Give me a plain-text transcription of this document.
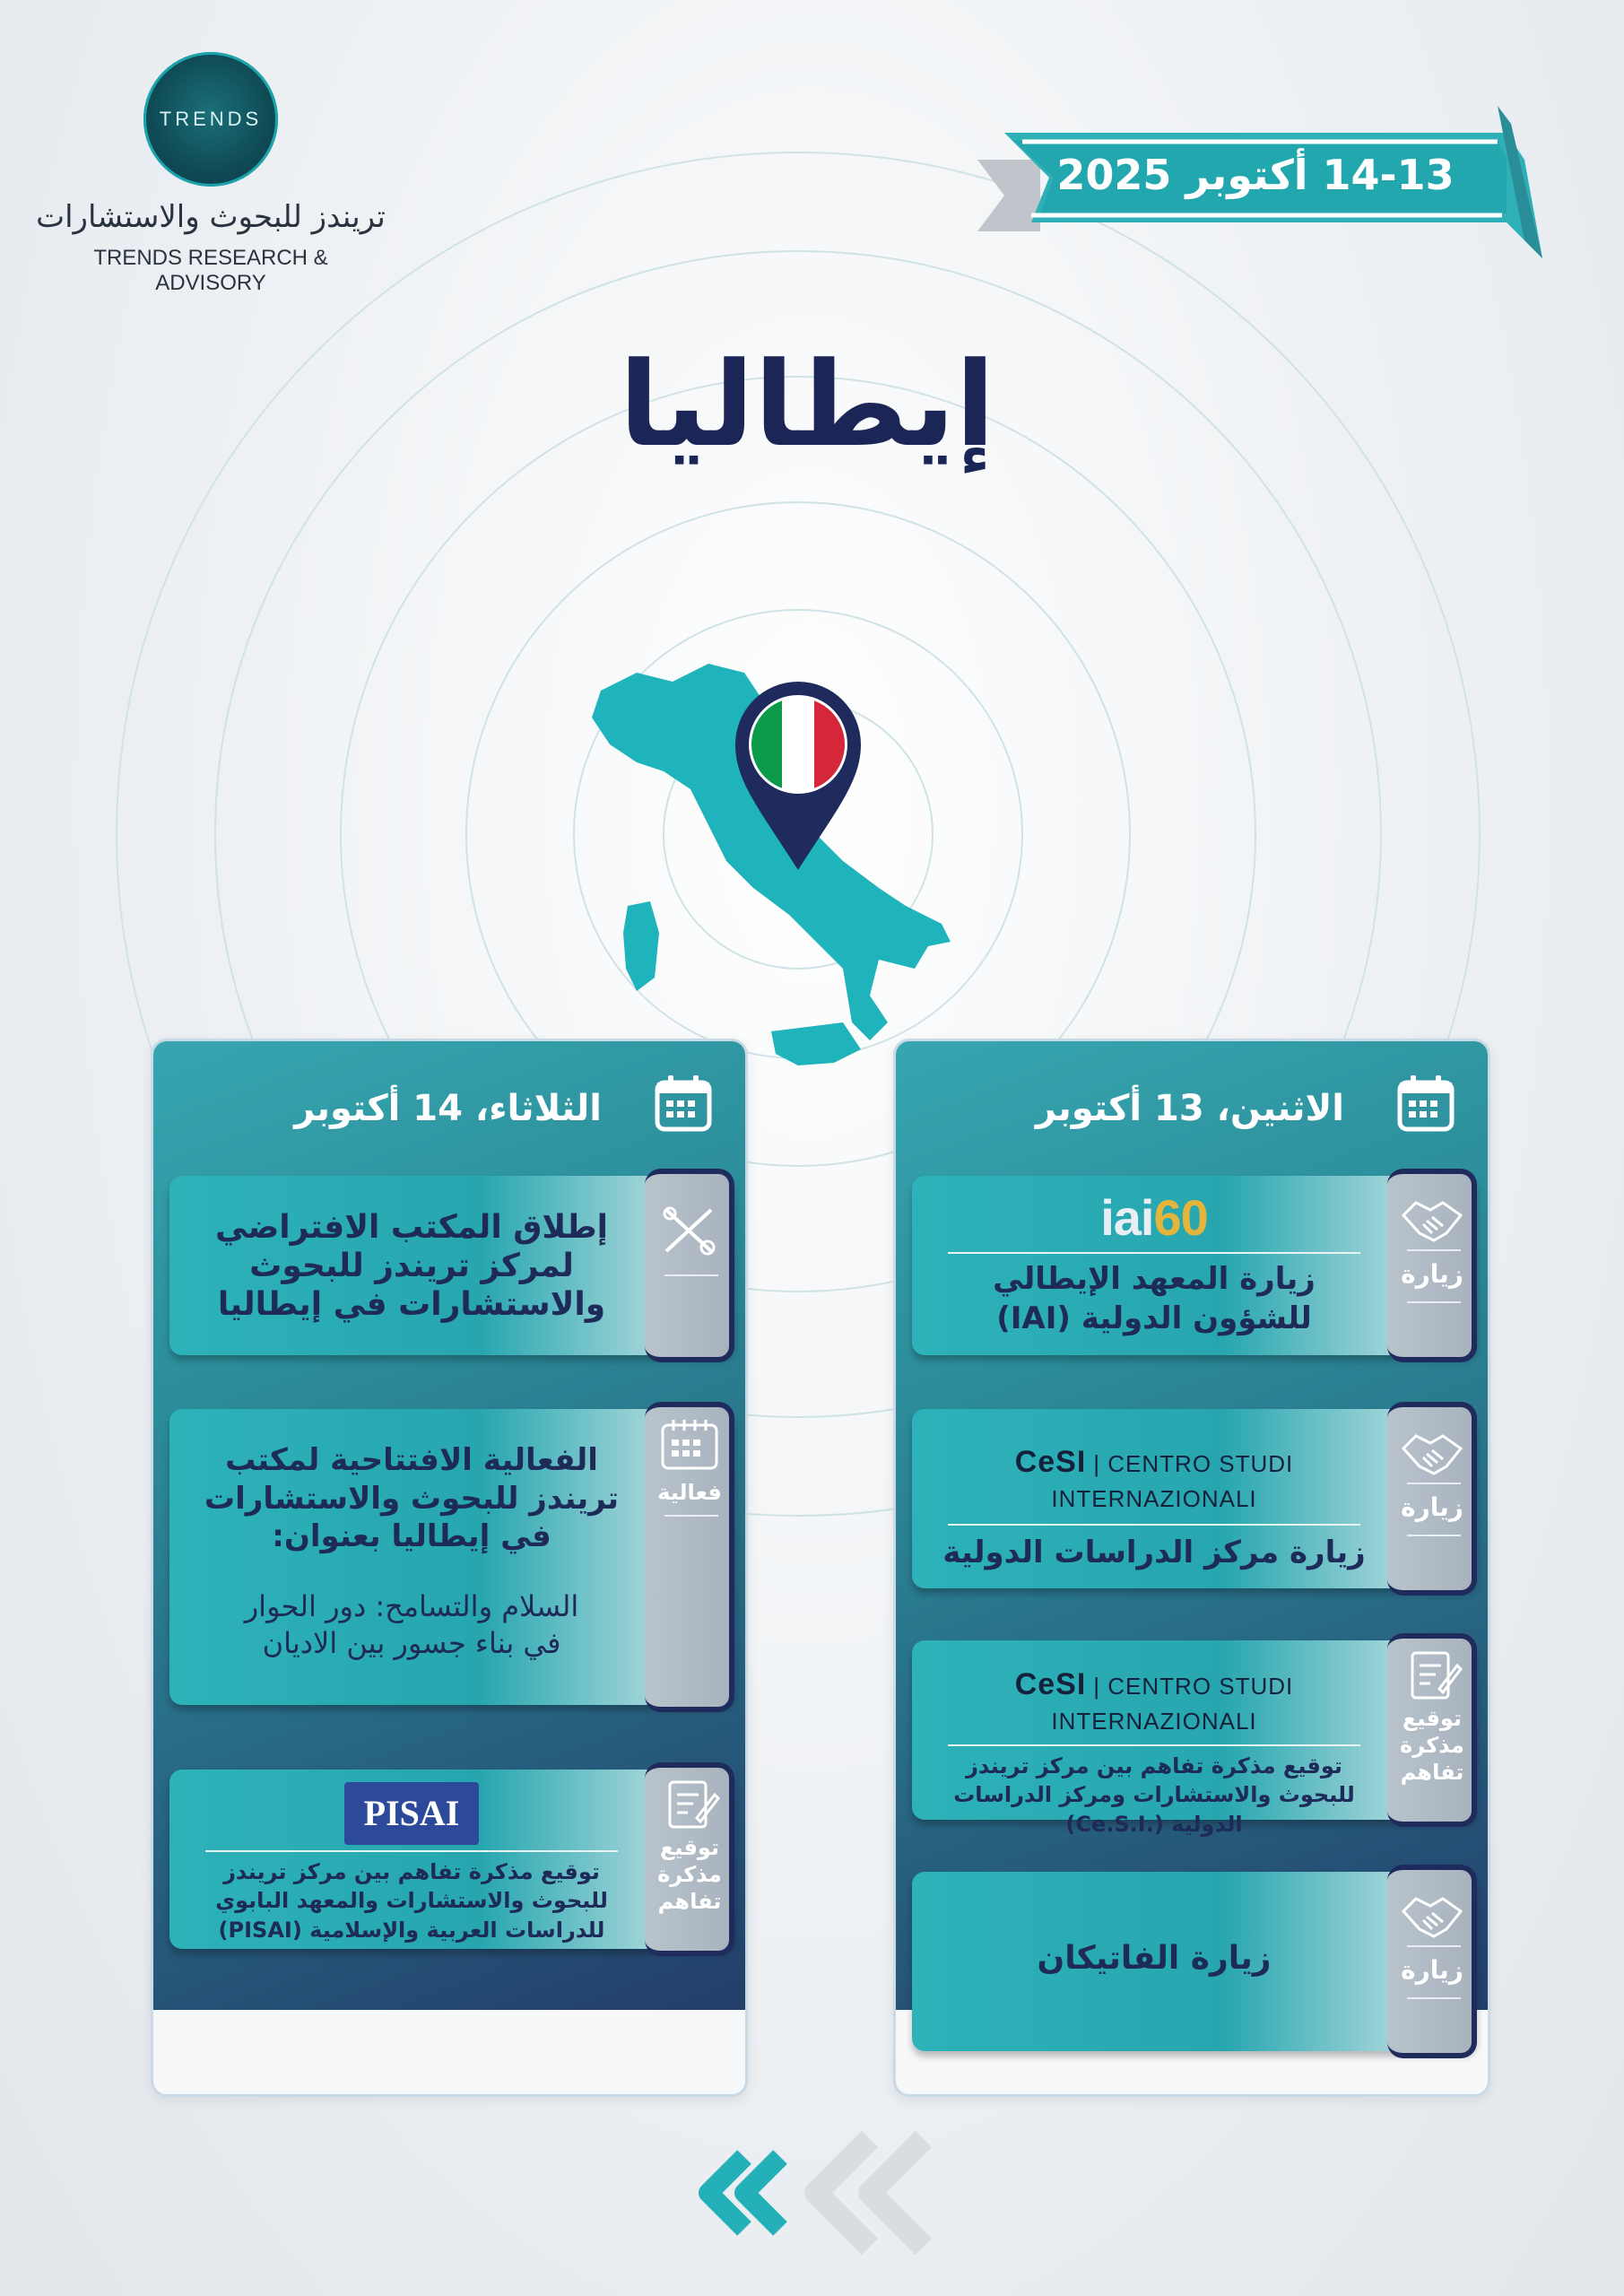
TRENDS
تريندز للبحوث والاستشارات
TRENDS RESEARCH & ADVISORY
14-13 أكتوبر 2025
إيطاليا
الاثنين، 13 أكتوبر
زيارة
iai60
زيارة المعهد الإيطالي
للشؤون الدولية (IAI)
زيارة
CeSI | CENTRO STUDI INTERNAZIONALI
زيارة مركز الدراسات الدولية
توقيع
مذكرة
تفاهم
CeSI | CENTRO STUDI INTERNAZIONALI
توقيع مذكرة تفاهم بين مركز تريندز
للبحوث والاستشارات ومركز الدراسات
الدولية (.Ce.S.I)
زيارة
زيارة الفاتيكان
الثلاثاء، 14 أكتوبر
إطلاق المكتب الافتراضي
لمركز تريندز للبحوث
والاستشارات في إيطاليا
فعالية
الفعالية الافتتاحية لمكتب
تريندز للبحوث والاستشارات
في إيطاليا بعنوان:
السلام والتسامح: دور الحوار
في بناء جسور بين الاديان
توقيع
مذكرة
تفاهم
PISAI
توقيع مذكرة تفاهم بين مركز تريندز
للبحوث والاستشارات والمعهد البابوي
للدراسات العربية والإسلامية (PISAI)
